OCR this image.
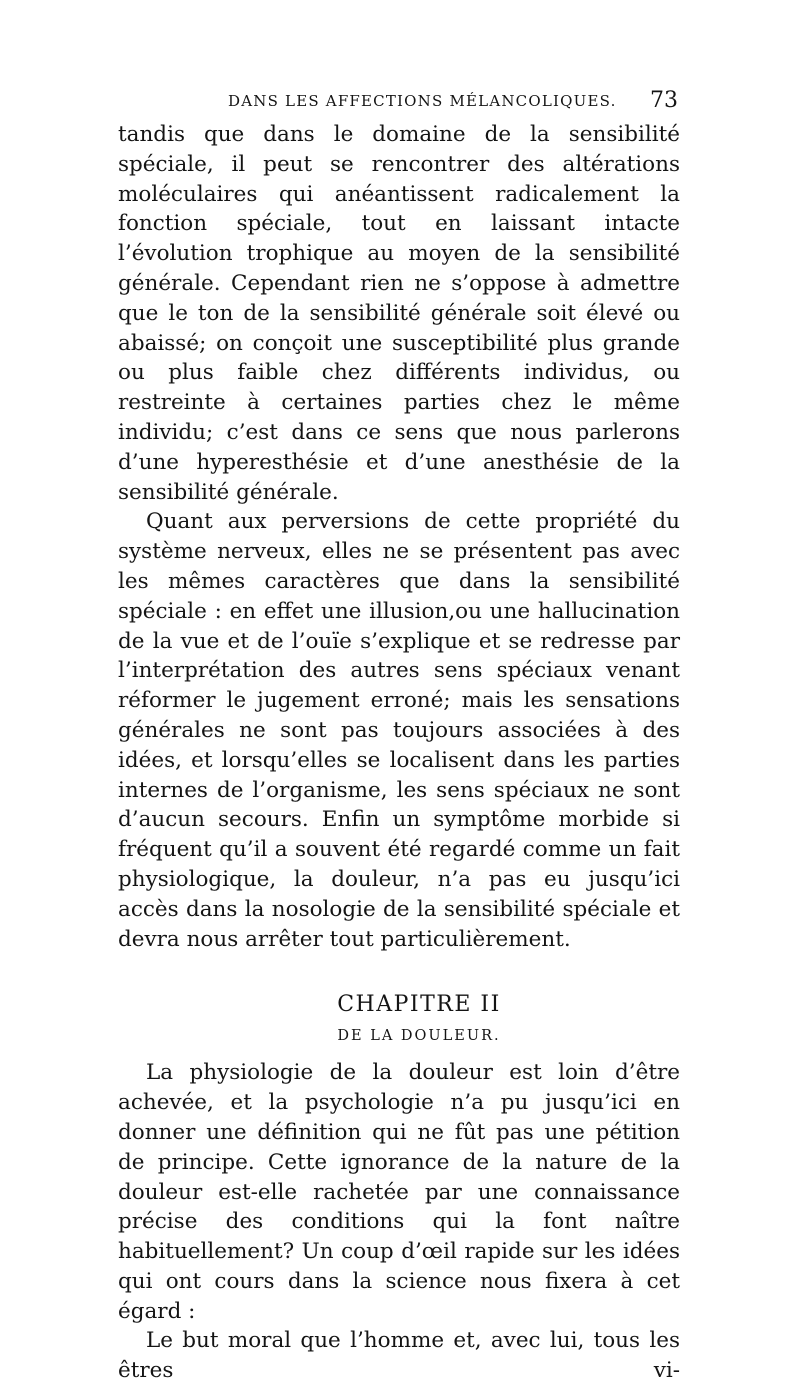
DANS LES AFFECTIONS MÉLANCOLIQUES. 73

tandis que dans le domaine de la sensibilité spéciale, il peut se rencontrer des altérations moléculaires qui anéantissent radicalement la fonction spéciale, tout en laissant intacte l’évolution trophique au moyen de la sensibilité générale. Cependant rien ne s’oppose à admettre que le ton de la sensibilité générale soit élevé ou abaissé; on conçoit une susceptibilité plus grande ou plus faible chez différents individus, ou restreinte à certaines parties chez le même individu; c’est dans ce sens que nous parlerons d’une hyperesthésie et d’une anesthésie de la sensibilité générale.

Quant aux perversions de cette propriété du système nerveux, elles ne se présentent pas avec les mêmes caractères que dans la sensibilité spéciale : en effet une illusion,ou une hallucination de la vue et de l’ouïe s’explique et se redresse par l’interprétation des autres sens spéciaux venant réformer le jugement erroné; mais les sensations générales ne sont pas toujours associées à des idées, et lorsqu’elles se localisent dans les parties internes de l’organisme, les sens spéciaux ne sont d’aucun secours. Enfin un symptôme morbide si fréquent qu’il a souvent été regardé comme un fait physiologique, la douleur, n’a pas eu jusqu’ici accès dans la nosologie de la sensibilité spéciale et devra nous arrêter tout particulièrement.

CHAPITRE II
DE LA DOULEUR.

La physiologie de la douleur est loin d’être achevée, et la psychologie n’a pu jusqu’ici en donner une définition qui ne fût pas une pétition de principe. Cette ignorance de la nature de la douleur est-elle rachetée par une connaissance précise des conditions qui la font naître habituellement? Un coup d’œil rapide sur les idées qui ont cours dans la science nous fixera à cet égard :

Le but moral que l’homme et, avec lui, tous les êtres vi-
